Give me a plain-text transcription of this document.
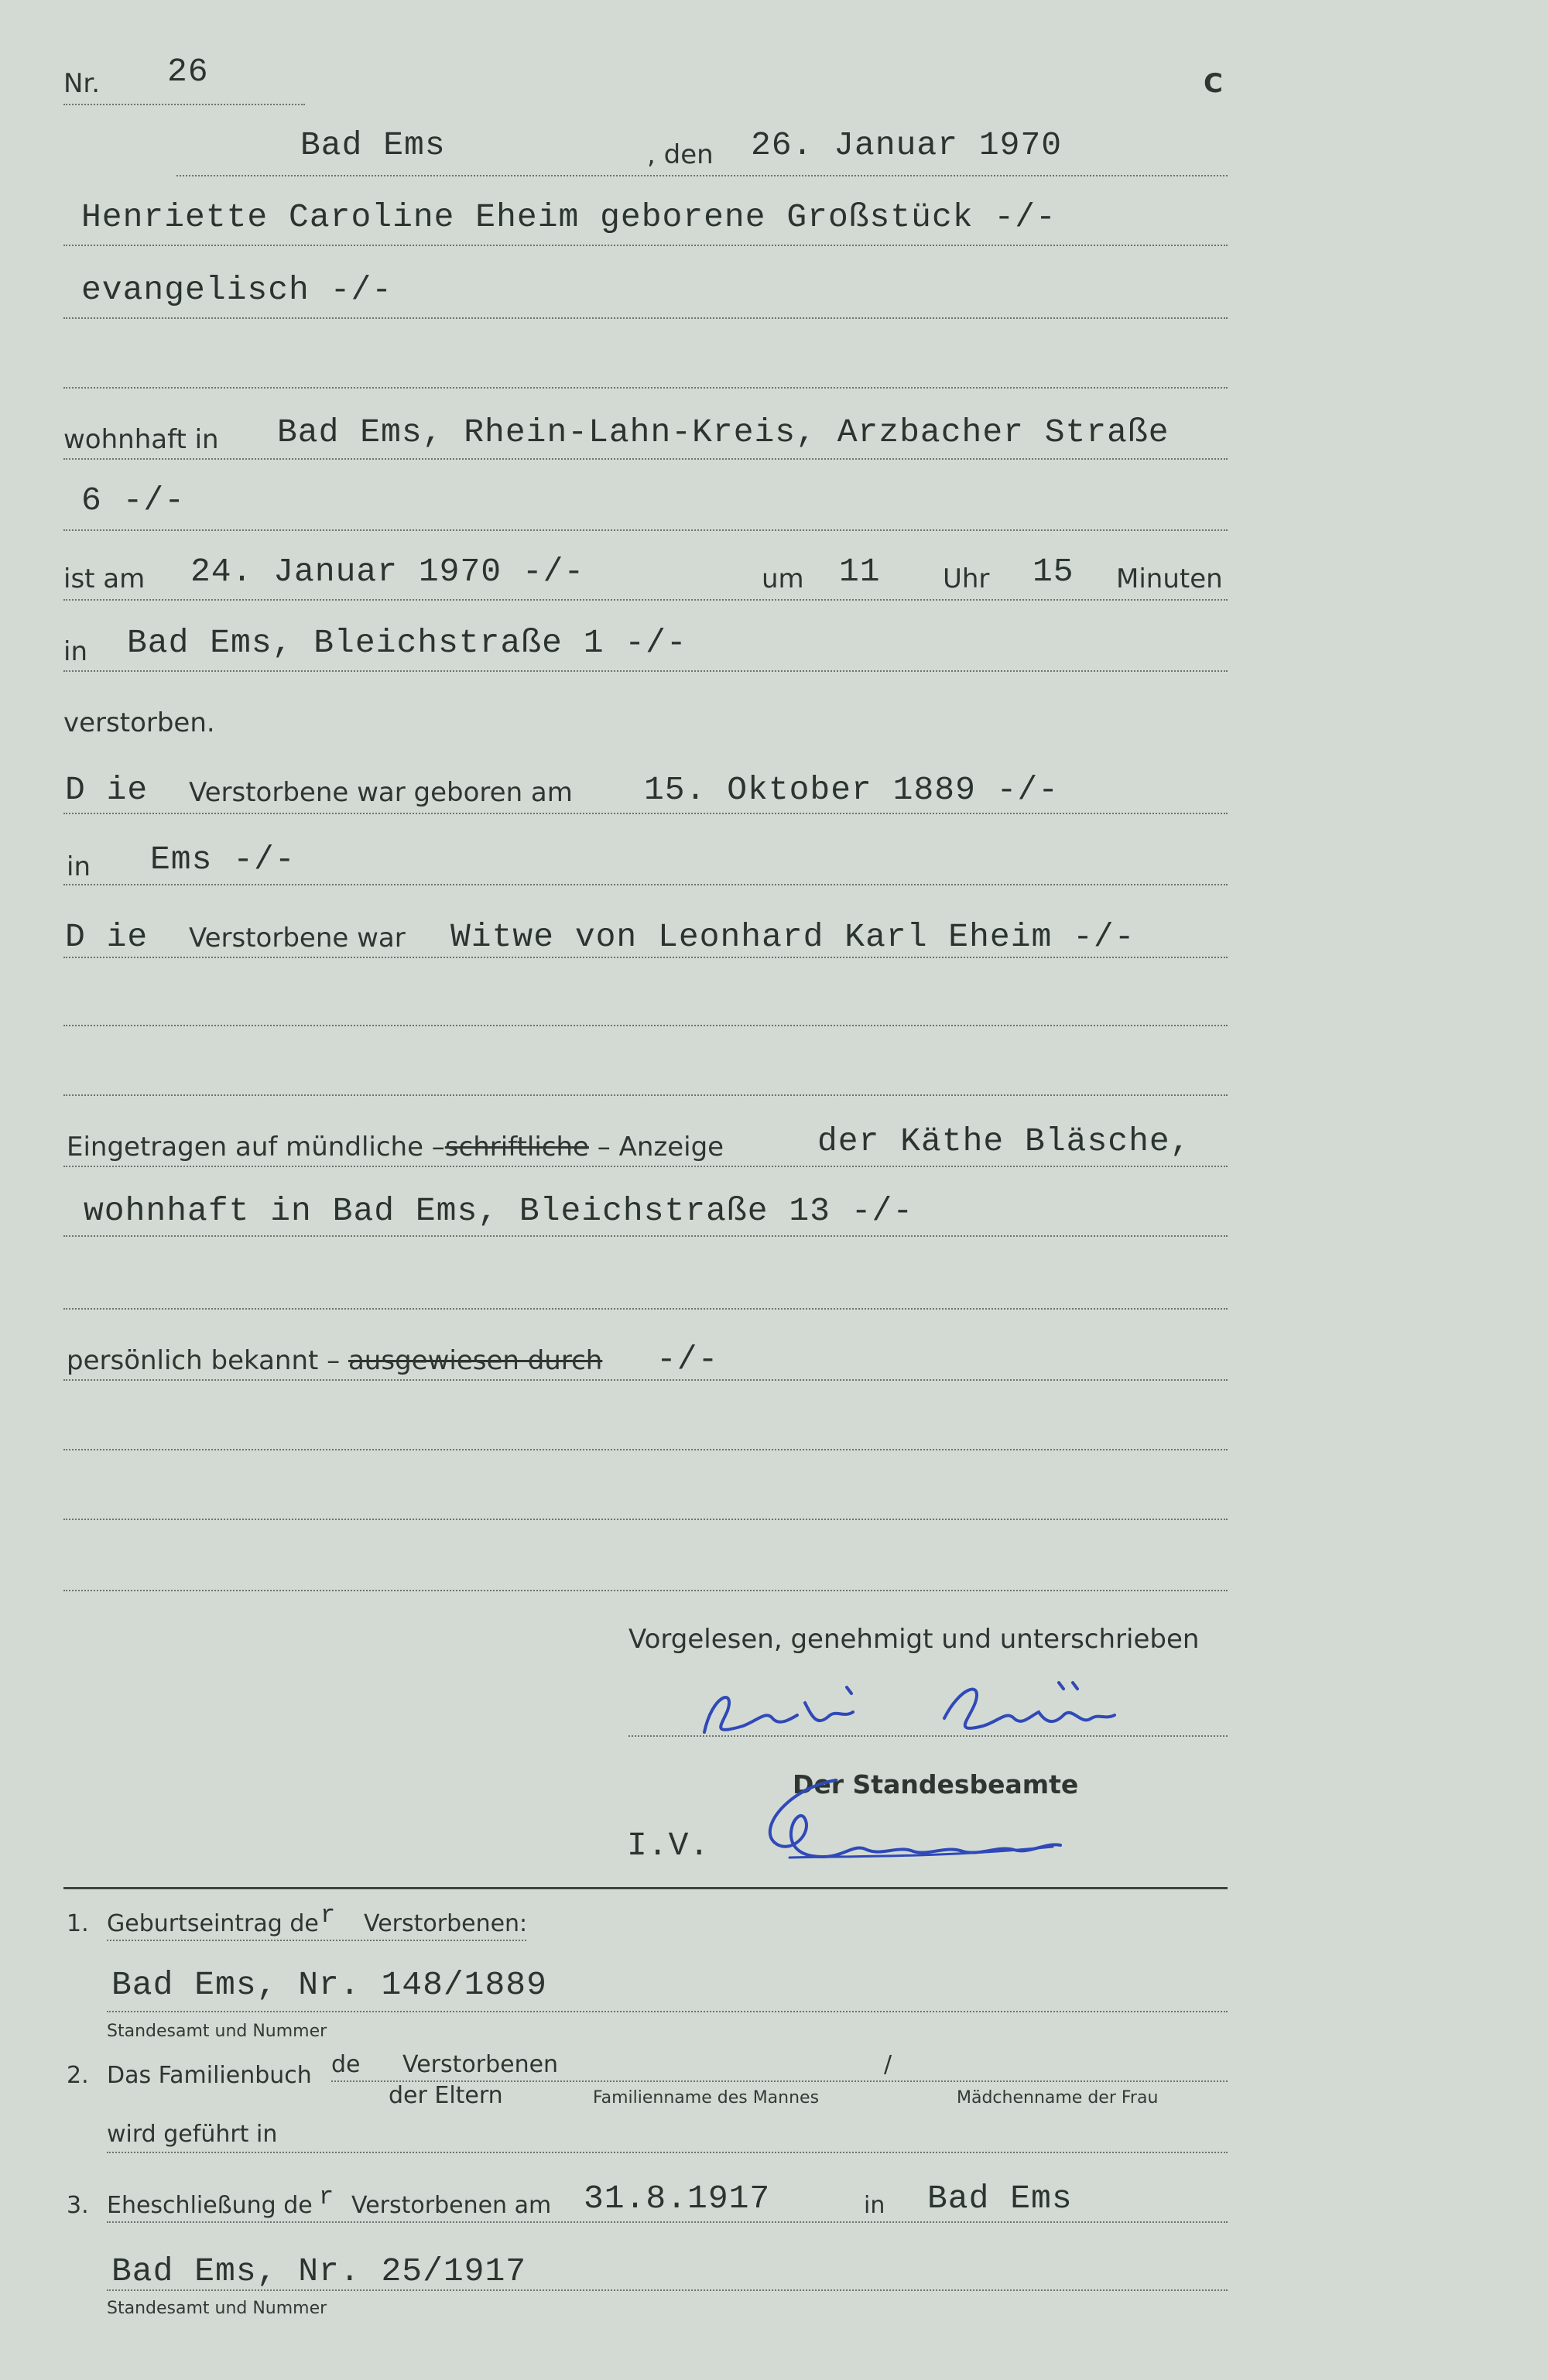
Nr. 26	C
Bad Ems	, den 26. Januar 1970
Henriette Caroline Eheim geborene Großstück -/-
evangelisch -/-
wohnhaft in Bad Ems, Rhein-Lahn-Kreis, Arzbacher Straße
6 -/-
ist am 24. Januar 1970 -/-	um 11 Uhr 15 Minuten
in Bad Ems, Bleichstraße 1 -/-
verstorben.
D ie Verstorbene war geboren am 15. Oktober 1889 -/-
in Ems -/-
D ie Verstorbene war Witwe von Leonhard Karl Eheim -/-
Eingetragen auf mündliche –schriftliche – Anzeige	der Käthe Bläsche,
wohnhaft in Bad Ems, Bleichstraße 13 -/-
persönlich bekannt – ausgewiesen durch -/-
Vorgelesen, genehmigt und unterschrieben
Der Standesbeamte
I.V.
1. Geburtseintrag de r Verstorbenen:
Bad Ems, Nr. 148/1889
Standesamt und Nummer
2. Das Familienbuch de Verstorbenen	/
der Eltern	Familienname des Mannes	Mädchenname der Frau
wird geführt in
3. Eheschließung de r Verstorbenen am 31.8.1917	in Bad Ems
Bad Ems, Nr. 25/1917
Standesamt und Nummer
